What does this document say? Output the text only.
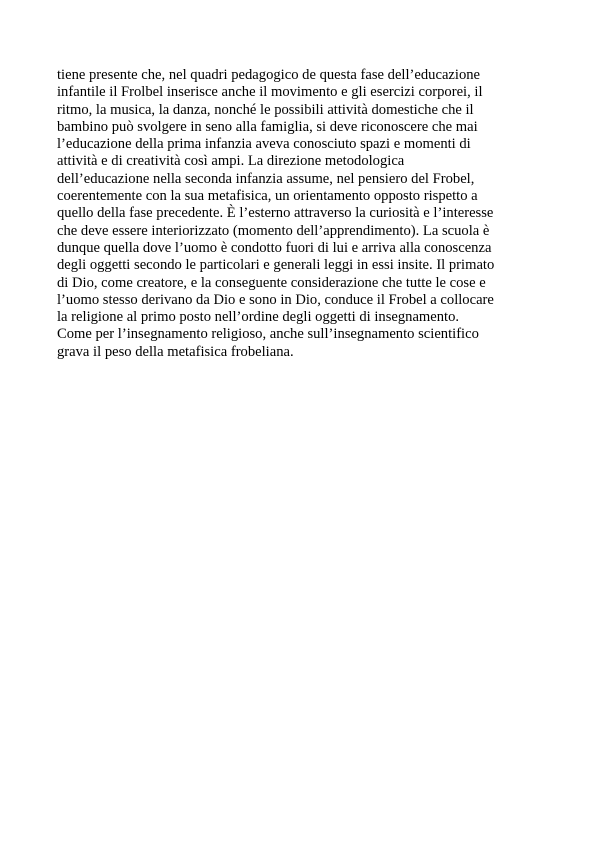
tiene presente che, nel quadri pedagogico de questa fase dell’educazione
infantile il Frolbel inserisce anche il movimento e gli esercizi corporei, il
ritmo, la musica, la danza, nonché le possibili attività domestiche che il
bambino può svolgere in seno alla famiglia, si deve riconoscere che mai
l’educazione della prima infanzia aveva conosciuto spazi e momenti di
attività e di creatività così ampi. La direzione metodologica
dell’educazione nella seconda infanzia assume, nel pensiero del Frobel,
coerentemente con la sua metafisica, un orientamento opposto rispetto a
quello della fase precedente. È l’esterno attraverso la curiosità e l’interesse
che deve essere interiorizzato (momento dell’apprendimento). La scuola è
dunque quella dove l’uomo è condotto fuori di lui e arriva alla conoscenza
degli oggetti secondo le particolari e generali leggi in essi insite. Il primato
di Dio, come creatore, e la conseguente considerazione che tutte le cose e
l’uomo stesso derivano da Dio e sono in Dio, conduce il Frobel a collocare
la religione al primo posto nell’ordine degli oggetti di insegnamento.
Come per l’insegnamento religioso, anche sull’insegnamento scientifico
grava il peso della metafisica frobeliana.
